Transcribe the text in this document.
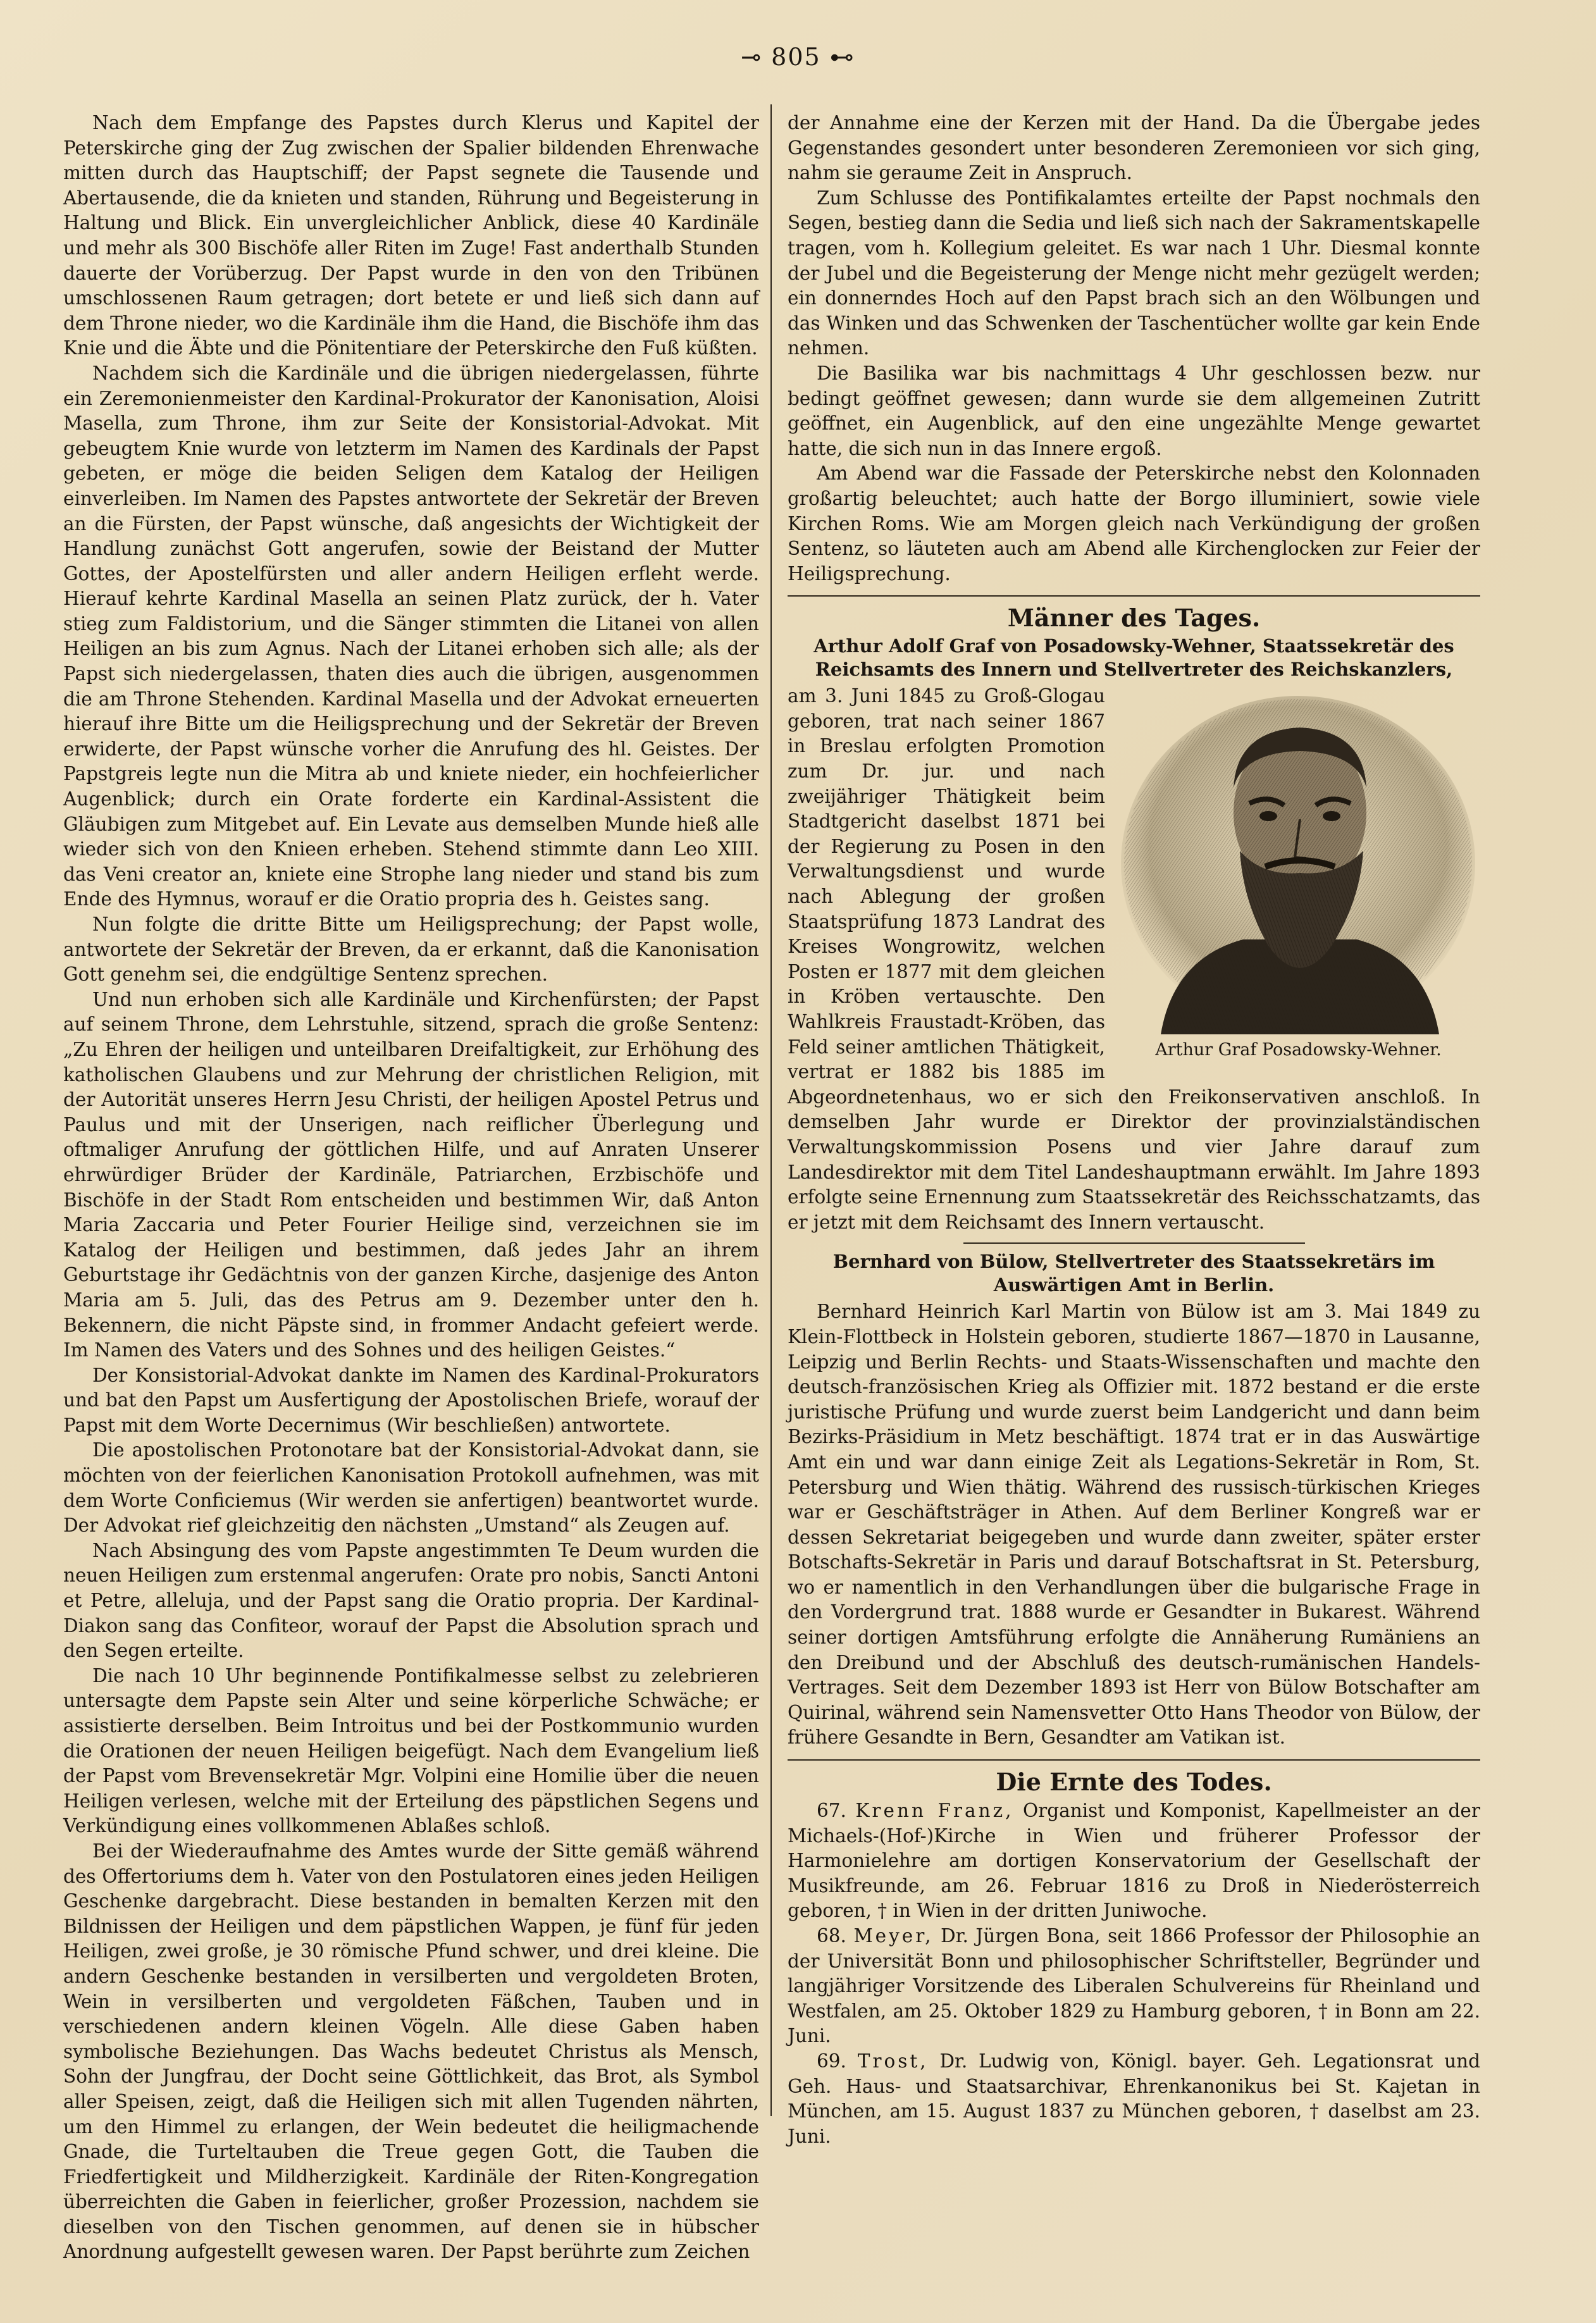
⊸ 805 ⊷

Nach dem Empfange des Papstes durch Klerus und Kapitel der Peterskirche ging der Zug zwischen der Spalier bildenden Ehrenwache mitten durch das Hauptschiff; der Papst segnete die Tausende und Abertausende, die da knieten und standen, Rührung und Begeisterung in Haltung und Blick. Ein unvergleichlicher Anblick, diese 40 Kardinäle und mehr als 300 Bischöfe aller Riten im Zuge! Fast anderthalb Stunden dauerte der Vorüberzug. Der Papst wurde in den von den Tribünen umschlossenen Raum getragen; dort betete er und ließ sich dann auf dem Throne nieder, wo die Kardinäle ihm die Hand, die Bischöfe ihm das Knie und die Äbte und die Pönitentiare der Peterskirche den Fuß küßten.

Nachdem sich die Kardinäle und die übrigen niedergelassen, führte ein Zeremonienmeister den Kardinal-Prokurator der Kanonisation, Aloisi Masella, zum Throne, ihm zur Seite der Konsistorial-Advokat. Mit gebeugtem Knie wurde von letzterm im Namen des Kardinals der Papst gebeten, er möge die beiden Seligen dem Katalog der Heiligen einverleiben. Im Namen des Papstes antwortete der Sekretär der Breven an die Fürsten, der Papst wünsche, daß angesichts der Wichtigkeit der Handlung zunächst Gott angerufen, sowie der Beistand der Mutter Gottes, der Apostelfürsten und aller andern Heiligen erfleht werde. Hierauf kehrte Kardinal Masella an seinen Platz zurück, der h. Vater stieg zum Faldistorium, und die Sänger stimmten die Litanei von allen Heiligen an bis zum Agnus. Nach der Litanei erhoben sich alle; als der Papst sich niedergelassen, thaten dies auch die übrigen, ausgenommen die am Throne Stehenden. Kardinal Masella und der Advokat erneuerten hierauf ihre Bitte um die Heiligsprechung und der Sekretär der Breven erwiderte, der Papst wünsche vorher die Anrufung des hl. Geistes. Der Papstgreis legte nun die Mitra ab und kniete nieder, ein hochfeierlicher Augenblick; durch ein Orate forderte ein Kardinal-Assistent die Gläubigen zum Mitgebet auf. Ein Levate aus demselben Munde hieß alle wieder sich von den Knieen erheben. Stehend stimmte dann Leo XIII. das Veni creator an, kniete eine Strophe lang nieder und stand bis zum Ende des Hymnus, worauf er die Oratio propria des h. Geistes sang.

Nun folgte die dritte Bitte um Heiligsprechung; der Papst wolle, antwortete der Sekretär der Breven, da er erkannt, daß die Kanonisation Gott genehm sei, die endgültige Sentenz sprechen.

Und nun erhoben sich alle Kardinäle und Kirchenfürsten; der Papst auf seinem Throne, dem Lehrstuhle, sitzend, sprach die große Sentenz: „Zu Ehren der heiligen und unteilbaren Dreifaltigkeit, zur Erhöhung des katholischen Glaubens und zur Mehrung der christlichen Religion, mit der Autorität unseres Herrn Jesu Christi, der heiligen Apostel Petrus und Paulus und mit der Unserigen, nach reiflicher Überlegung und oftmaliger Anrufung der göttlichen Hilfe, und auf Anraten Unserer ehrwürdiger Brüder der Kardinäle, Patriarchen, Erzbischöfe und Bischöfe in der Stadt Rom entscheiden und bestimmen Wir, daß Anton Maria Zaccaria und Peter Fourier Heilige sind, verzeichnen sie im Katalog der Heiligen und bestimmen, daß jedes Jahr an ihrem Geburtstage ihr Gedächtnis von der ganzen Kirche, dasjenige des Anton Maria am 5. Juli, das des Petrus am 9. Dezember unter den h. Bekennern, die nicht Päpste sind, in frommer Andacht gefeiert werde. Im Namen des Vaters und des Sohnes und des heiligen Geistes.“

Der Konsistorial-Advokat dankte im Namen des Kardinal-Prokurators und bat den Papst um Ausfertigung der Apostolischen Briefe, worauf der Papst mit dem Worte Decernimus (Wir beschließen) antwortete.

Die apostolischen Protonotare bat der Konsistorial-Advokat dann, sie möchten von der feierlichen Kanonisation Protokoll aufnehmen, was mit dem Worte Conficiemus (Wir werden sie anfertigen) beantwortet wurde. Der Advokat rief gleichzeitig den nächsten „Umstand“ als Zeugen auf.

Nach Absingung des vom Papste angestimmten Te Deum wurden die neuen Heiligen zum erstenmal angerufen: Orate pro nobis, Sancti Antoni et Petre, alleluja, und der Papst sang die Oratio propria. Der Kardinal-Diakon sang das Confiteor, worauf der Papst die Absolution sprach und den Segen erteilte.

Die nach 10 Uhr beginnende Pontifikalmesse selbst zu zelebrieren untersagte dem Papste sein Alter und seine körperliche Schwäche; er assistierte derselben. Beim Introitus und bei der Postkommunio wurden die Orationen der neuen Heiligen beigefügt. Nach dem Evangelium ließ der Papst vom Brevensekretär Mgr. Volpini eine Homilie über die neuen Heiligen verlesen, welche mit der Erteilung des päpstlichen Segens und Verkündigung eines vollkommenen Ablaßes schloß.

Bei der Wiederaufnahme des Amtes wurde der Sitte gemäß während des Offertoriums dem h. Vater von den Postulatoren eines jeden Heiligen Geschenke dargebracht. Diese bestanden in bemalten Kerzen mit den Bildnissen der Heiligen und dem päpstlichen Wappen, je fünf für jeden Heiligen, zwei große, je 30 römische Pfund schwer, und drei kleine. Die andern Geschenke bestanden in versilberten und vergoldeten Broten, Wein in versilberten und vergoldeten Fäßchen, Tauben und in verschiedenen andern kleinen Vögeln. Alle diese Gaben haben symbolische Beziehungen. Das Wachs bedeutet Christus als Mensch, Sohn der Jungfrau, der Docht seine Göttlichkeit, das Brot, als Symbol aller Speisen, zeigt, daß die Heiligen sich mit allen Tugenden nährten, um den Himmel zu erlangen, der Wein bedeutet die heiligmachende Gnade, die Turteltauben die Treue gegen Gott, die Tauben die Friedfertigkeit und Mildherzigkeit. Kardinäle der Riten-Kongregation überreichten die Gaben in feierlicher, großer Prozession, nachdem sie dieselben von den Tischen genommen, auf denen sie in hübscher Anordnung aufgestellt gewesen waren. Der Papst berührte zum Zeichen

der Annahme eine der Kerzen mit der Hand. Da die Übergabe jedes Gegenstandes gesondert unter besonderen Zeremonieen vor sich ging, nahm sie geraume Zeit in Anspruch.

Zum Schlusse des Pontifikalamtes erteilte der Papst nochmals den Segen, bestieg dann die Sedia und ließ sich nach der Sakramentskapelle tragen, vom h. Kollegium geleitet. Es war nach 1 Uhr. Diesmal konnte der Jubel und die Begeisterung der Menge nicht mehr gezügelt werden; ein donnerndes Hoch auf den Papst brach sich an den Wölbungen und das Winken und das Schwenken der Taschentücher wollte gar kein Ende nehmen.

Die Basilika war bis nachmittags 4 Uhr geschlossen bezw. nur bedingt geöffnet gewesen; dann wurde sie dem allgemeinen Zutritt geöffnet, ein Augenblick, auf den eine ungezählte Menge gewartet hatte, die sich nun in das Innere ergoß.

Am Abend war die Fassade der Peterskirche nebst den Kolonnaden großartig beleuchtet; auch hatte der Borgo illuminiert, sowie viele Kirchen Roms. Wie am Morgen gleich nach Verkündigung der großen Sentenz, so läuteten auch am Abend alle Kirchenglocken zur Feier der Heiligsprechung.

Männer des Tages.
Arthur Adolf Graf von Posadowsky-Wehner, Staatssekretär des Reichsamts des Innern und Stellvertreter des Reichskanzlers,
Arthur Graf Posadowsky-Wehner.

am 3. Juni 1845 zu Groß-Glogau geboren, trat nach seiner 1867 in Breslau erfolgten Promotion zum Dr. jur. und nach zweijähriger Thätigkeit beim Stadtgericht daselbst 1871 bei der Regierung zu Posen in den Verwaltungsdienst und wurde nach Ablegung der großen Staatsprüfung 1873 Landrat des Kreises Wongrowitz, welchen Posten er 1877 mit dem gleichen in Kröben vertauschte. Den Wahlkreis Fraustadt-Kröben, das Feld seiner amtlichen Thätigkeit, vertrat er 1882 bis 1885 im Abgeordnetenhaus, wo er sich den Freikonservativen anschloß. In demselben Jahr wurde er Direktor der provinzialständischen Verwaltungskommission Posens und vier Jahre darauf zum Landesdirektor mit dem Titel Landeshauptmann erwählt. Im Jahre 1893 erfolgte seine Ernennung zum Staatssekretär des Reichsschatzamts, das er jetzt mit dem Reichsamt des Innern vertauscht.

Bernhard von Bülow, Stellvertreter des Staatssekretärs im Auswärtigen Amt in Berlin.

Bernhard Heinrich Karl Martin von Bülow ist am 3. Mai 1849 zu Klein-Flottbeck in Holstein geboren, studierte 1867—1870 in Lausanne, Leipzig und Berlin Rechts- und Staats-Wissenschaften und machte den deutsch-französischen Krieg als Offizier mit. 1872 bestand er die erste juristische Prüfung und wurde zuerst beim Landgericht und dann beim Bezirks-Präsidium in Metz beschäftigt. 1874 trat er in das Auswärtige Amt ein und war dann einige Zeit als Legations-Sekretär in Rom, St. Petersburg und Wien thätig. Während des russisch-türkischen Krieges war er Geschäftsträger in Athen. Auf dem Berliner Kongreß war er dessen Sekretariat beigegeben und wurde dann zweiter, später erster Botschafts-Sekretär in Paris und darauf Botschaftsrat in St. Petersburg, wo er namentlich in den Verhandlungen über die bulgarische Frage in den Vordergrund trat. 1888 wurde er Gesandter in Bukarest. Während seiner dortigen Amtsführung erfolgte die Annäherung Rumäniens an den Dreibund und der Abschluß des deutsch-rumänischen Handels-Vertrages. Seit dem Dezember 1893 ist Herr von Bülow Botschafter am Quirinal, während sein Namensvetter Otto Hans Theodor von Bülow, der frühere Gesandte in Bern, Gesandter am Vatikan ist.

Die Ernte des Todes.

67. Krenn Franz, Organist und Komponist, Kapellmeister an der Michaels-(Hof-)Kirche in Wien und früherer Professor der Harmonielehre am dortigen Konservatorium der Gesellschaft der Musikfreunde, am 26. Februar 1816 zu Droß in Niederösterreich geboren, † in Wien in der dritten Juniwoche.

68. Meyer, Dr. Jürgen Bona, seit 1866 Professor der Philosophie an der Universität Bonn und philosophischer Schriftsteller, Begründer und langjähriger Vorsitzende des Liberalen Schulvereins für Rheinland und Westfalen, am 25. Oktober 1829 zu Hamburg geboren, † in Bonn am 22. Juni.

69. Trost, Dr. Ludwig von, Königl. bayer. Geh. Legationsrat und Geh. Haus- und Staatsarchivar, Ehrenkanonikus bei St. Kajetan in München, am 15. August 1837 zu München geboren, † daselbst am 23. Juni.
